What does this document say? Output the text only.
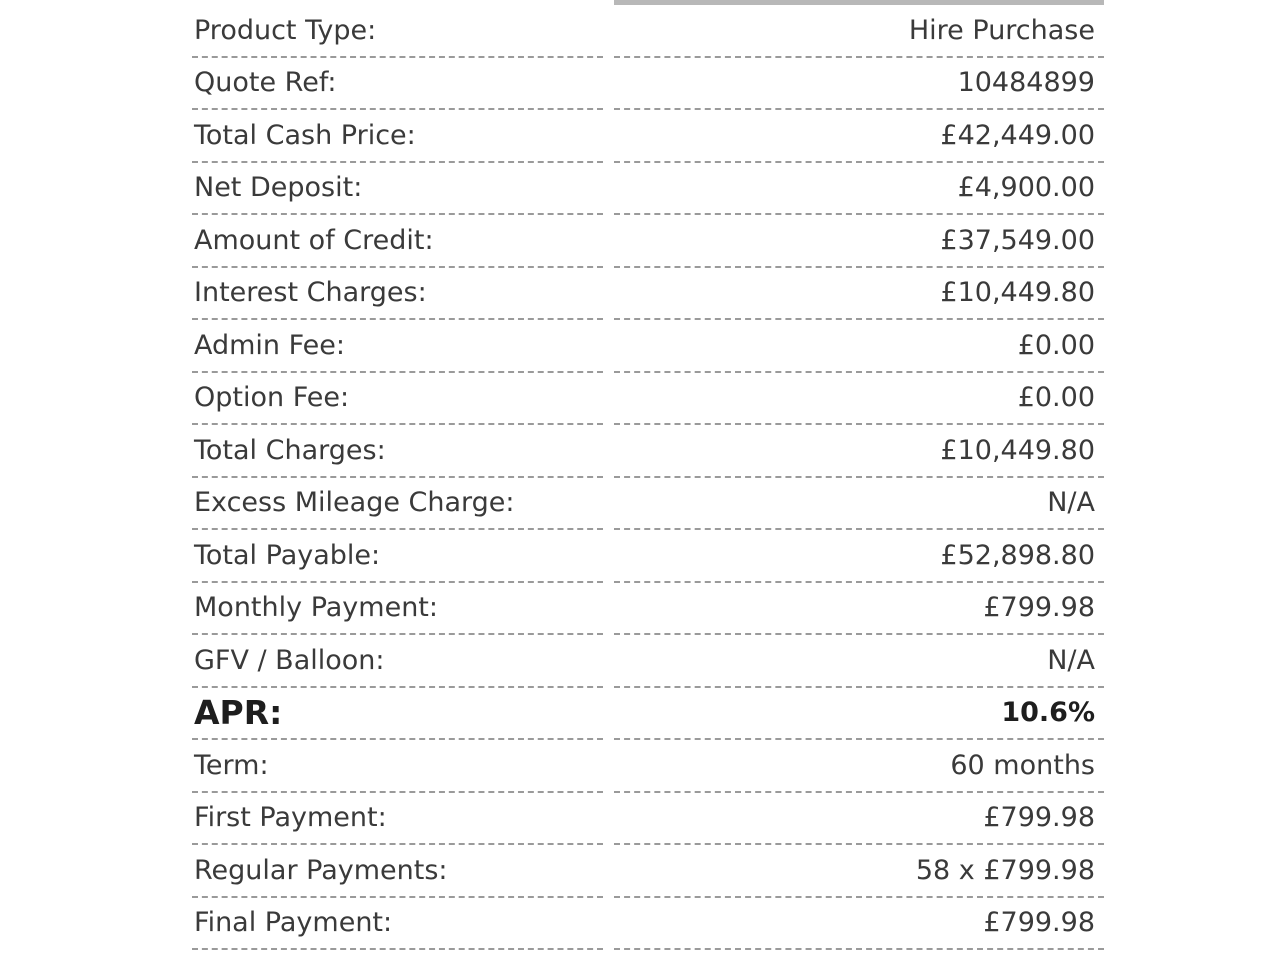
Product Type:	Hire Purchase
Quote Ref:	10484899
Total Cash Price:	£42,449.00
Net Deposit:	£4,900.00
Amount of Credit:	£37,549.00
Interest Charges:	£10,449.80
Admin Fee:	£0.00
Option Fee:	£0.00
Total Charges:	£10,449.80
Excess Mileage Charge:	N/A
Total Payable:	£52,898.80
Monthly Payment:	£799.98
GFV / Balloon:	N/A
APR:	10.6%
Term:	60 months
First Payment:	£799.98
Regular Payments:	58 x £799.98
Final Payment:	£799.98
